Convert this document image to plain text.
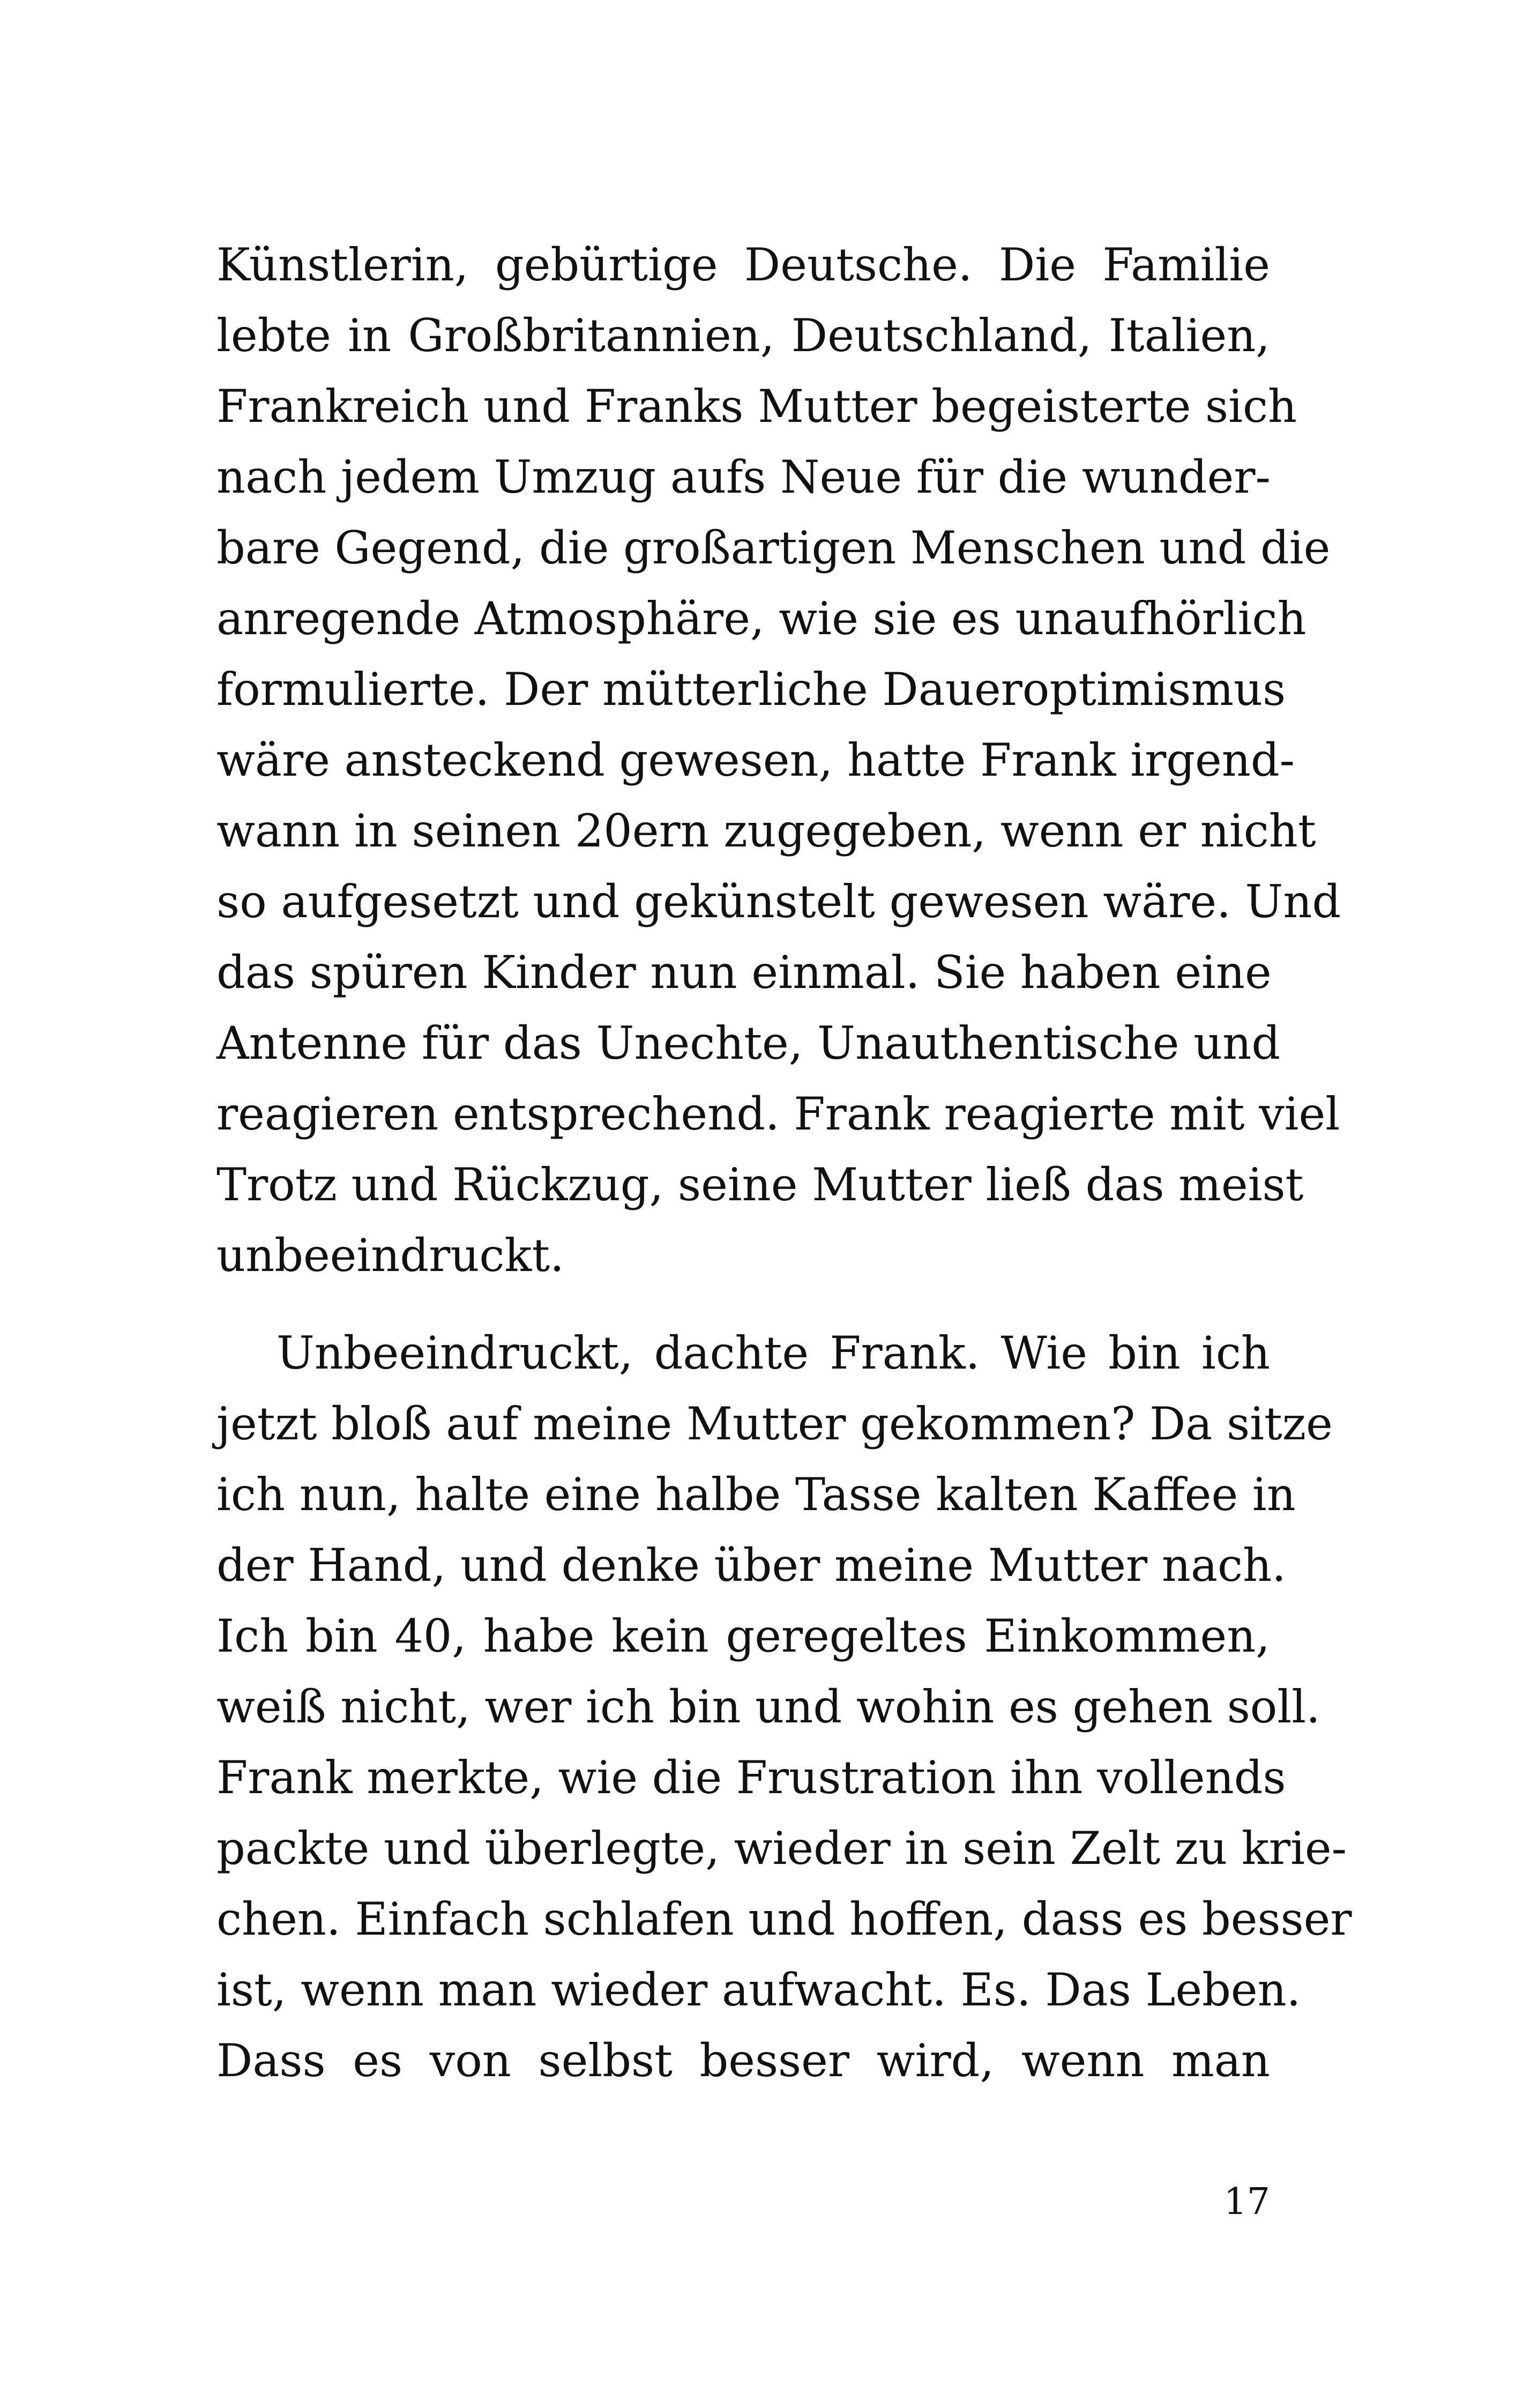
Künstlerin, gebürtige Deutsche. Die Familie
lebte in Großbritannien, Deutschland, Italien,
Frankreich und Franks Mutter begeisterte sich
nach jedem Umzug aufs Neue für die wunder-
bare Gegend, die großartigen Menschen und die
anregende Atmosphäre, wie sie es unaufhörlich
formulierte. Der mütterliche Daueroptimismus
wäre ansteckend gewesen, hatte Frank irgend-
wann in seinen 20ern zugegeben, wenn er nicht
so aufgesetzt und gekünstelt gewesen wäre. Und
das spüren Kinder nun einmal. Sie haben eine
Antenne für das Unechte, Unauthentische und
reagieren entsprechend. Frank reagierte mit viel
Trotz und Rückzug, seine Mutter ließ das meist
unbeeindruckt.
Unbeeindruckt, dachte Frank. Wie bin ich
jetzt bloß auf meine Mutter gekommen? Da sitze
ich nun, halte eine halbe Tasse kalten Kaffee in
der Hand, und denke über meine Mutter nach.
Ich bin 40, habe kein geregeltes Einkommen,
weiß nicht, wer ich bin und wohin es gehen soll.
Frank merkte, wie die Frustration ihn vollends
packte und überlegte, wieder in sein Zelt zu krie-
chen. Einfach schlafen und hoffen, dass es besser
ist, wenn man wieder aufwacht. Es. Das Leben.
Dass es von selbst besser wird, wenn man
17
